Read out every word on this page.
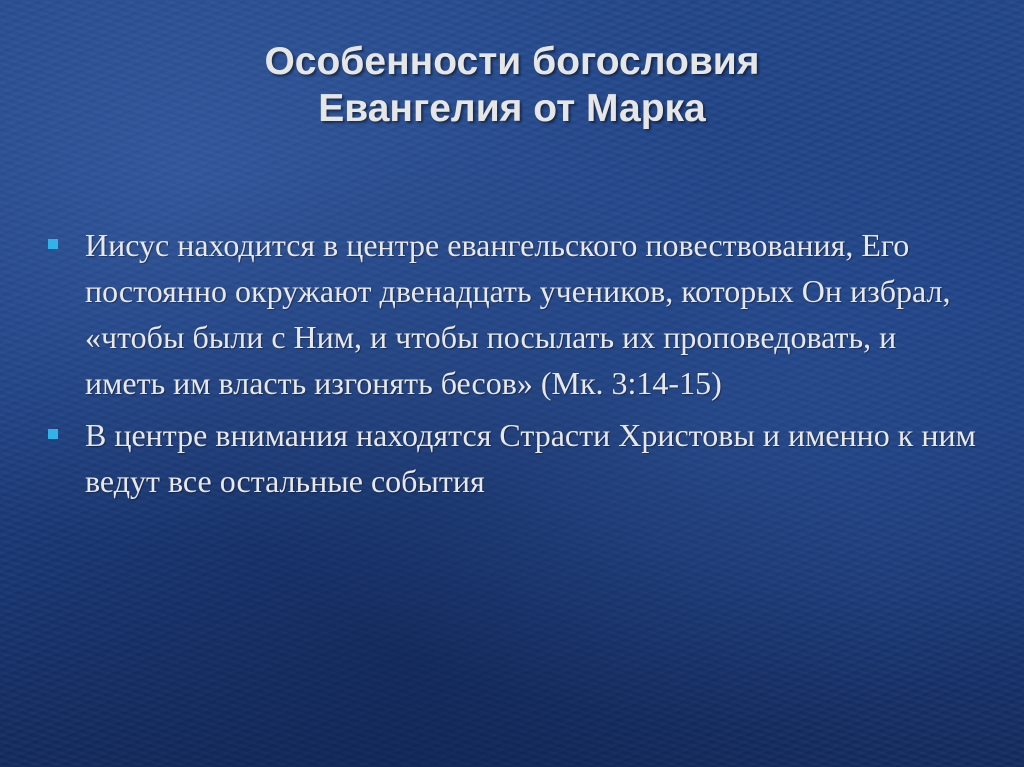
Особенности богословия
Евангелия от Марка
Иисус находится в центре евангельского повествования, Его постоянно окружают двенадцать учеников, которых Он избрал, «чтобы были с Ним, и чтобы посылать их проповедовать, и иметь им власть изгонять бесов» (Мк. 3:14-15)
В центре внимания находятся Страсти Христовы и именно к ним ведут все остальные события
